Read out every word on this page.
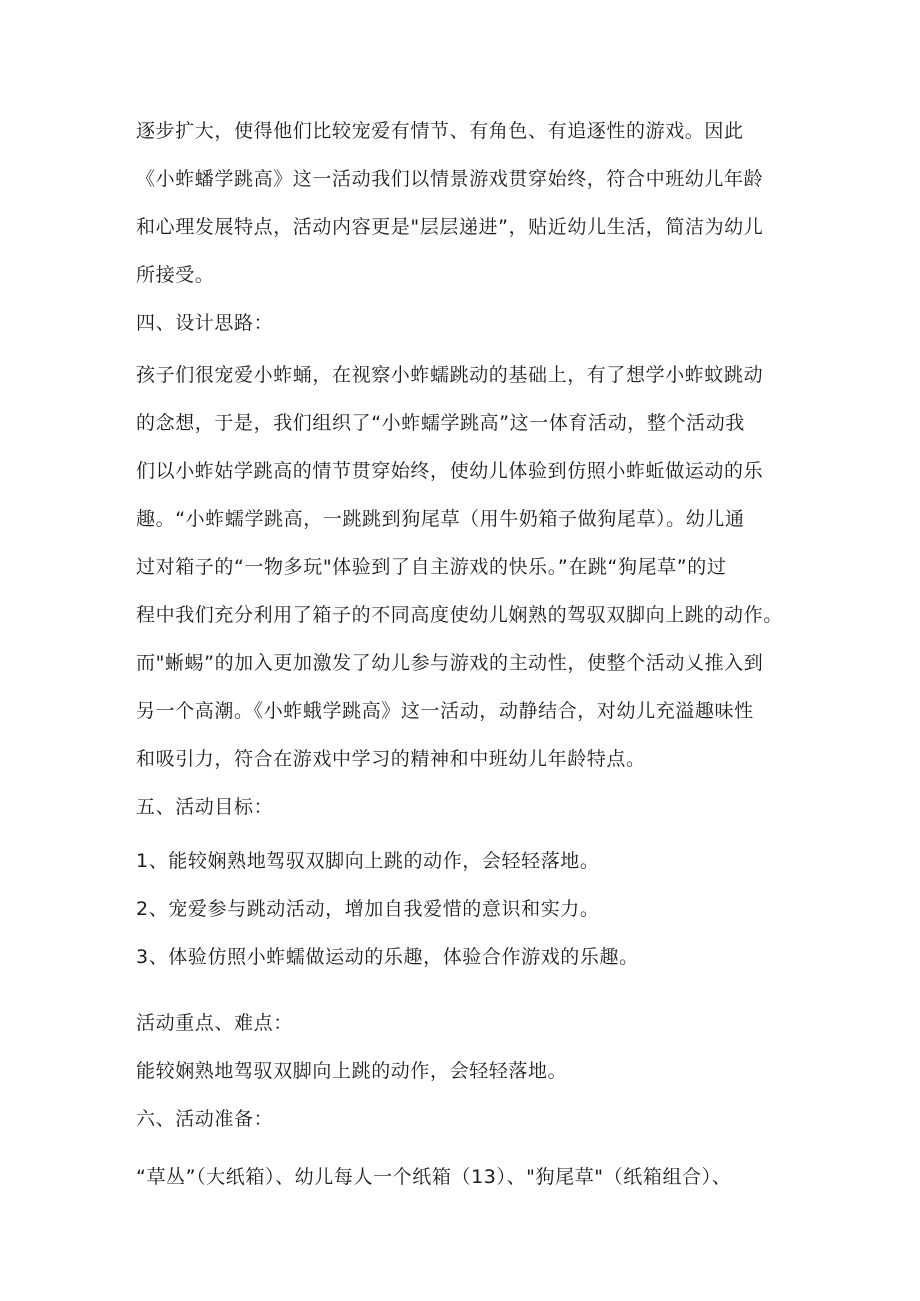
逐步扩大，使得他们比较宠爱有情节、有角色、有追逐性的游戏。因此
《小蚱蟠学跳高》这一活动我们以情景游戏贯穿始终，符合中班幼儿年龄
和心理发展特点，活动内容更是"层层递进”，贴近幼儿生活，简洁为幼儿
所接受。
四、设计思路：
孩子们很宠爱小蚱蛹，在视察小蚱蠕跳动的基础上，有了想学小蚱蚊跳动
的念想，于是，我们组织了“小蚱蠕学跳高”这一体育活动，整个活动我
们以小蚱姑学跳高的情节贯穿始终，使幼儿体验到仿照小蚱蚯做运动的乐
趣。“小蚱蠕学跳高，一跳跳到狗尾草（用牛奶箱子做狗尾草）。幼儿通
过对箱子的“一物多玩"体验到了自主游戏的快乐。”在跳“狗尾草”的过
程中我们充分利用了箱子的不同高度使幼儿娴熟的驾驭双脚向上跳的动作。
而"蜥蜴”的加入更加激发了幼儿参与游戏的主动性，使整个活动乂推入到
另一个高潮。《小蚱蛾学跳高》这一活动，动静结合，对幼儿充溢趣味性
和吸引力，符合在游戏中学习的精神和中班幼儿年龄特点。
五、活动目标：
1、能较娴熟地驾驭双脚向上跳的动作，会轻轻落地。
2、宠爱参与跳动活动，增加自我爱惜的意识和实力。
3、体验仿照小蚱蠕做运动的乐趣，体验合作游戏的乐趣。
活动重点、难点：
能较娴熟地驾驭双脚向上跳的动作，会轻轻落地。
六、活动准备：
“草丛”（大纸箱）、幼儿每人一个纸箱（13）、"狗尾草"（纸箱组合）、
